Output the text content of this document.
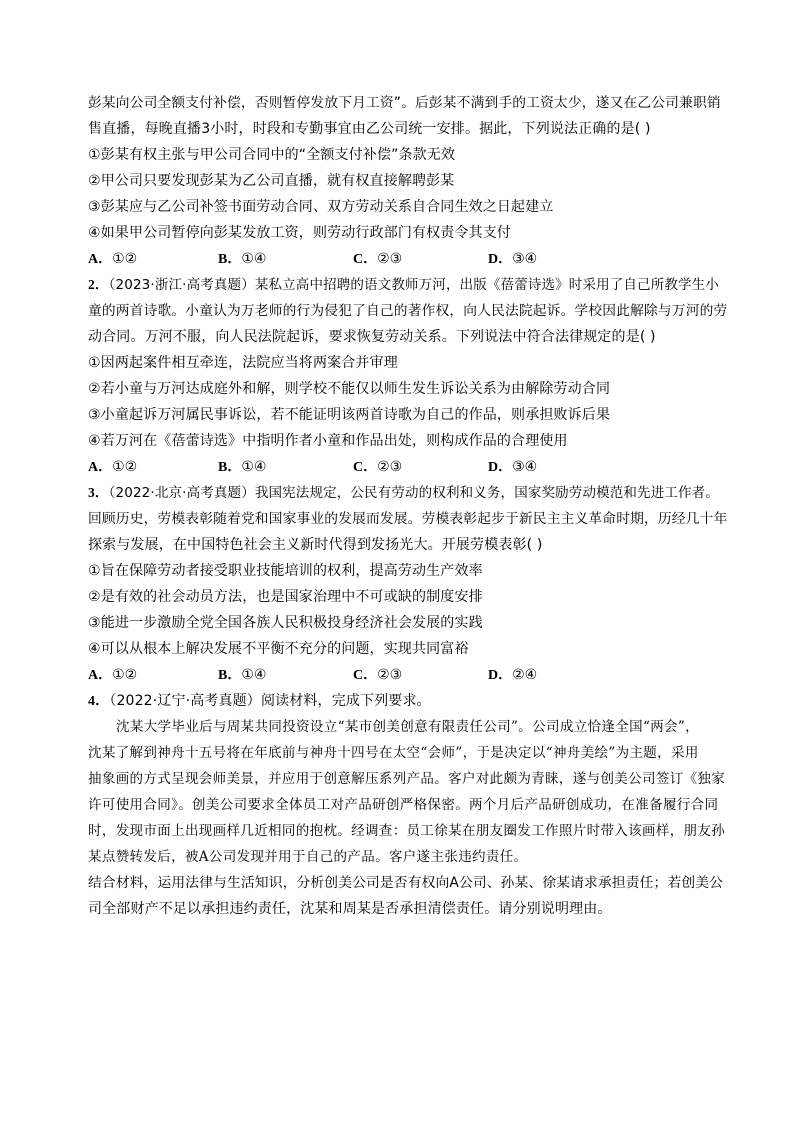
彭某向公司全额支付补偿，否则暂停发放下月工资”。后彭某不满到手的工资太少，遂又在乙公司兼职销
售直播，每晚直播3小时，时段和专勤事宜由乙公司统一安排。据此，下列说法正确的是( )
①彭某有权主张与甲公司合同中的“全额支付补偿”条款无效
②甲公司只要发现彭某为乙公司直播，就有权直接解聘彭某
③彭某应与乙公司补签书面劳动合同、双方劳动关系自合同生效之日起建立
④如果甲公司暂停向彭某发放工资，则劳动行政部门有权责令其支付
A．①②	B．①④	C．②③	D．③④
2．（2023·浙江·高考真题）某私立高中招聘的语文教师万河，出版《蓓蕾诗选》时采用了自己所教学生小
童的两首诗歌。小童认为万老师的行为侵犯了自己的著作权，向人民法院起诉。学校因此解除与万河的劳
动合同。万河不服，向人民法院起诉，要求恢复劳动关系。下列说法中符合法律规定的是( )
①因两起案件相互牵连，法院应当将两案合并审理
②若小童与万河达成庭外和解，则学校不能仅以师生发生诉讼关系为由解除劳动合同
③小童起诉万河属民事诉讼，若不能证明该两首诗歌为自己的作品，则承担败诉后果
④若万河在《蓓蕾诗选》中指明作者小童和作品出处，则构成作品的合理使用
A．①②	B．①④	C．②③	D．③④
3．（2022·北京·高考真题）我国宪法规定，公民有劳动的权利和义务，国家奖励劳动模范和先进工作者。
回顾历史，劳模表彰随着党和国家事业的发展而发展。劳模表彰起步于新民主主义革命时期，历经几十年
探索与发展，在中国特色社会主义新时代得到发扬光大。开展劳模表彰( )
①旨在保障劳动者接受职业技能培训的权利，提高劳动生产效率
②是有效的社会动员方法，也是国家治理中不可或缺的制度安排
③能进一步激励全党全国各族人民积极投身经济社会发展的实践
④可以从根本上解决发展不平衡不充分的问题，实现共同富裕
A．①②	B．①④	C．②③	D．②④
4．（2022·辽宁·高考真题）阅读材料，完成下列要求。
沈某大学毕业后与周某共同投资设立“某市创美创意有限责任公司”。公司成立恰逢全国“两会”，
沈某了解到神舟十五号将在年底前与神舟十四号在太空“会师”，于是决定以“神舟美绘”为主题，采用
抽象画的方式呈现会师美景，并应用于创意解压系列产品。客户对此颇为青睐，遂与创美公司签订《独家
许可使用合同》。创美公司要求全体员工对产品研创严格保密。两个月后产品研创成功，在准备履行合同
时，发现市面上出现画样几近相同的抱枕。经调查：员工徐某在朋友圈发工作照片时带入该画样，朋友孙
某点赞转发后，被A公司发现并用于自己的产品。客户遂主张违约责任。
结合材料，运用法律与生活知识，分析创美公司是否有权向A公司、孙某、徐某请求承担责任；若创美公
司全部财产不足以承担违约责任，沈某和周某是否承担清偿责任。请分别说明理由。
